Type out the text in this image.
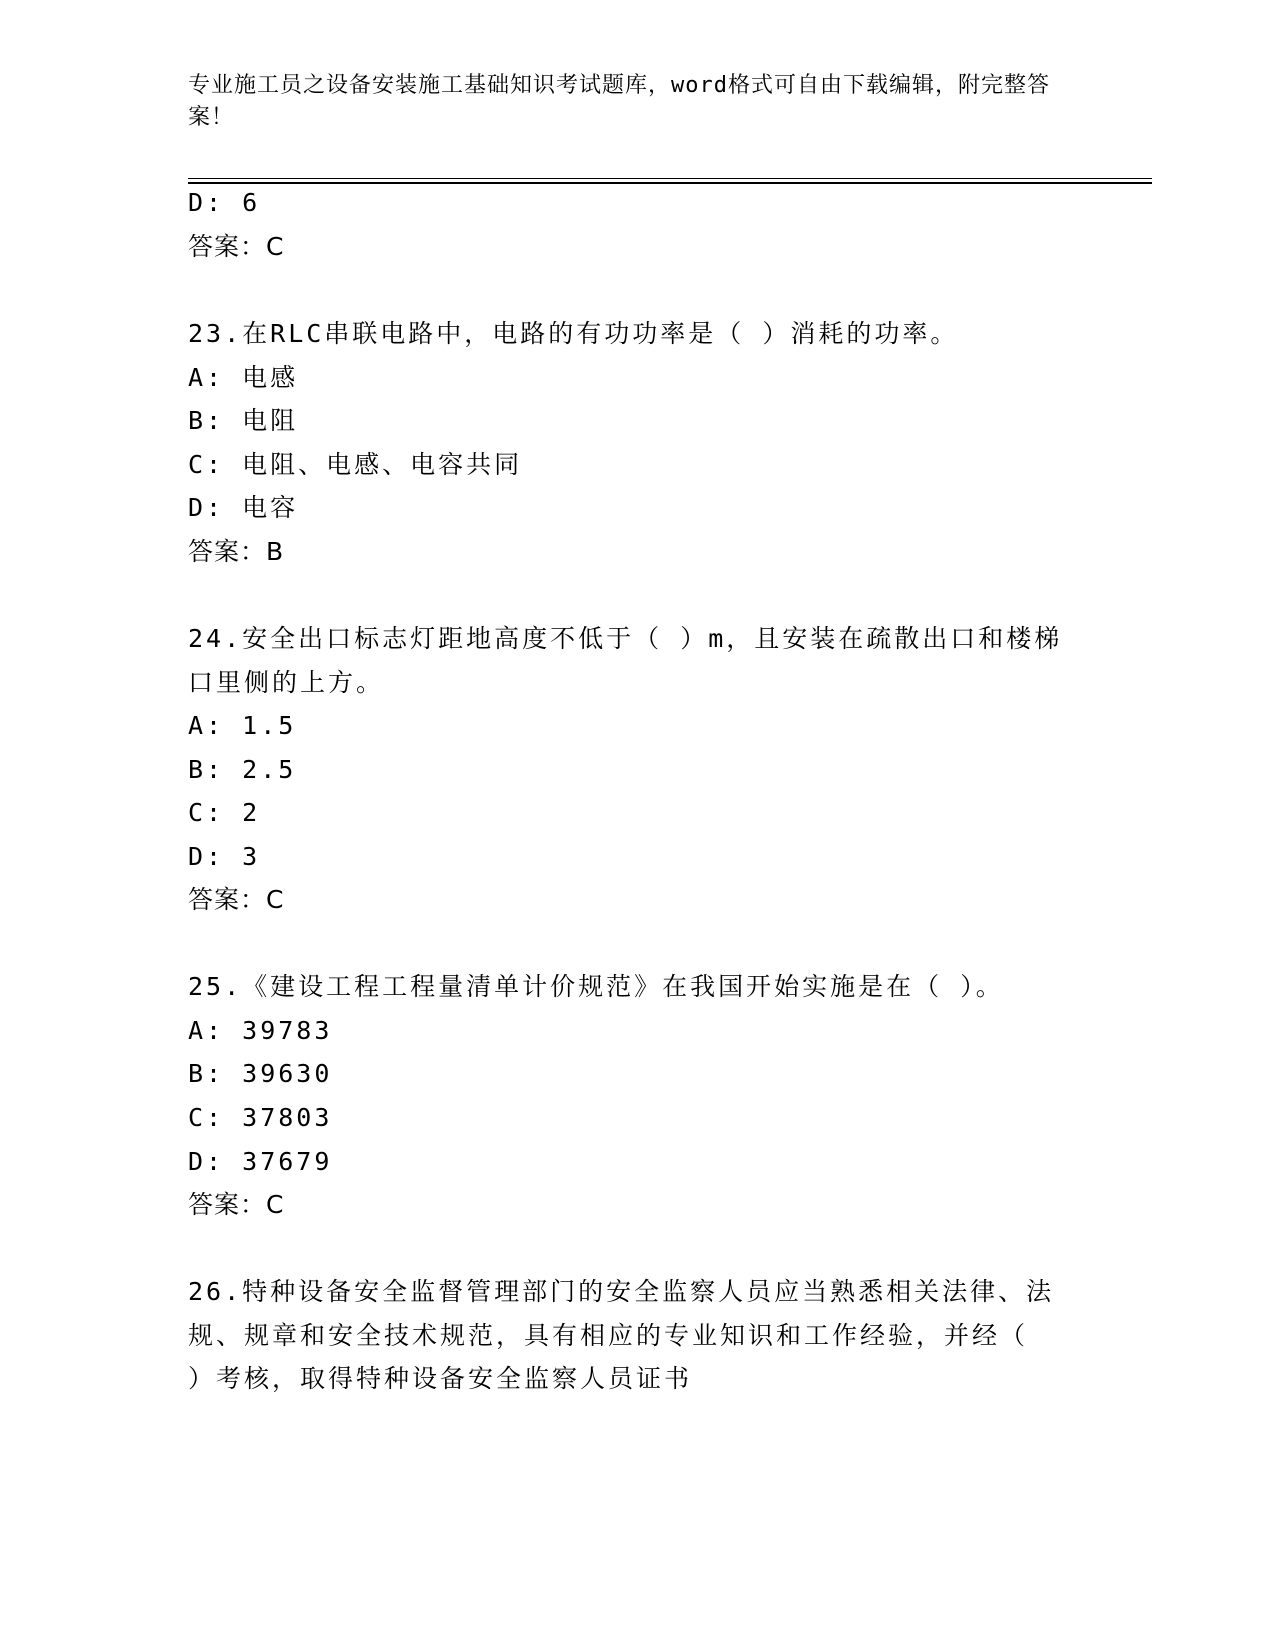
专业施工员之设备安装施工基础知识考试题库，word格式可自由下载编辑，附完整答案！
D: 6
答案：C
23.在RLC串联电路中，电路的有功功率是（ ）消耗的功率。
A: 电感
B: 电阻
C: 电阻、电感、电容共同
D: 电容
答案：B
24.安全出口标志灯距地高度不低于（ ）m，且安装在疏散出口和楼梯
口里侧的上方。
A: 1.5
B: 2.5
C: 2
D: 3
答案：C
25.《建设工程工程量清单计价规范》在我国开始实施是在（ ）。
A: 39783
B: 39630
C: 37803
D: 37679
答案：C
26.特种设备安全监督管理部门的安全监察人员应当熟悉相关法律、法
规、规章和安全技术规范，具有相应的专业知识和工作经验，并经（
）考核，取得特种设备安全监察人员证书
